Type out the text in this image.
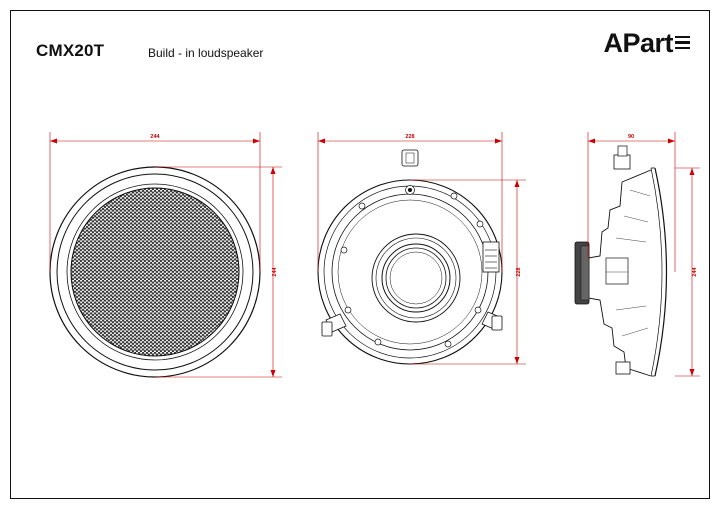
CMX20T	Build - in loudspeaker	APart
244
244
228
228
90
244
